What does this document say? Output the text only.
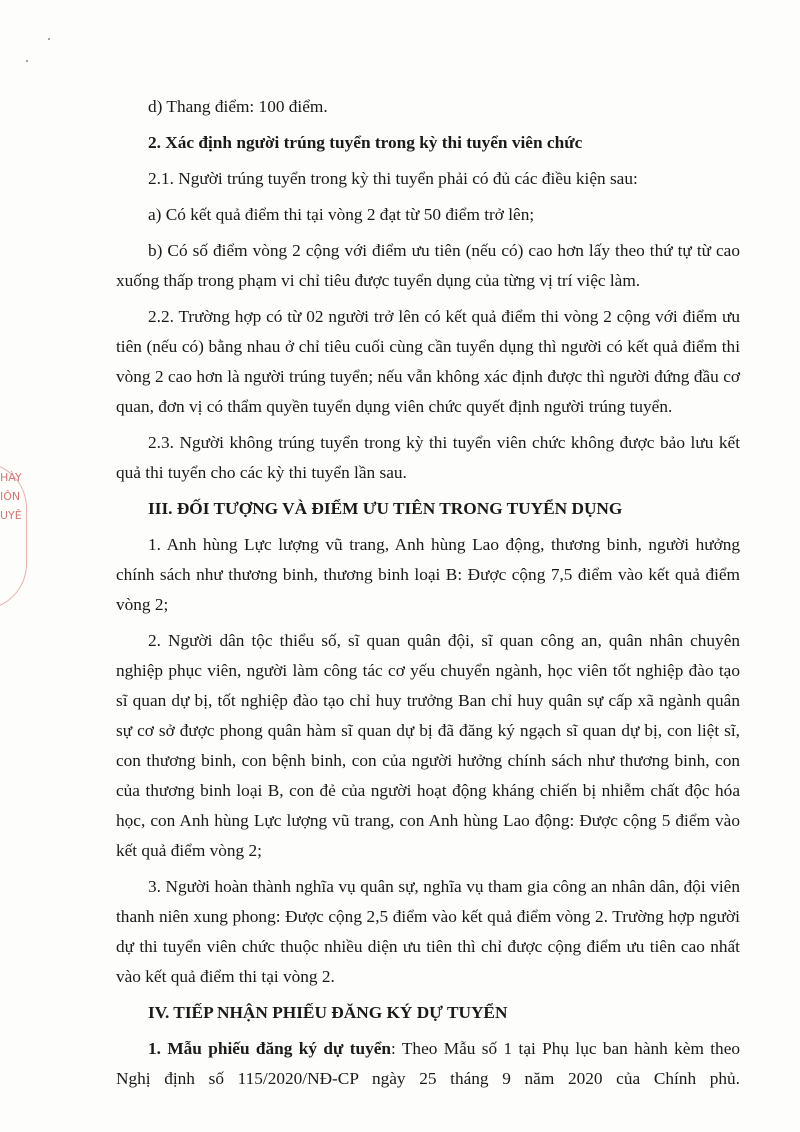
HÀY
IÔN
UYÊ

d) Thang điểm: 100 điểm.

2. Xác định người trúng tuyển trong kỳ thi tuyển viên chức

2.1. Người trúng tuyển trong kỳ thi tuyển phải có đủ các điều kiện sau:

a) Có kết quả điểm thi tại vòng 2 đạt từ 50 điểm trở lên;

b) Có số điểm vòng 2 cộng với điểm ưu tiên (nếu có) cao hơn lấy theo thứ tự từ cao xuống thấp trong phạm vi chỉ tiêu được tuyển dụng của từng vị trí việc làm.

2.2. Trường hợp có từ 02 người trở lên có kết quả điểm thi vòng 2 cộng với điểm ưu tiên (nếu có) bằng nhau ở chỉ tiêu cuối cùng cần tuyển dụng thì người có kết quả điểm thi vòng 2 cao hơn là người trúng tuyển; nếu vẫn không xác định được thì người đứng đầu cơ quan, đơn vị có thẩm quyền tuyển dụng viên chức quyết định người trúng tuyển.

2.3. Người không trúng tuyển trong kỳ thi tuyển viên chức không được bảo lưu kết quả thi tuyển cho các kỳ thi tuyển lần sau.

III. ĐỐI TƯỢNG VÀ ĐIỂM ƯU TIÊN TRONG TUYỂN DỤNG

1. Anh hùng Lực lượng vũ trang, Anh hùng Lao động, thương binh, người hưởng chính sách như thương binh, thương binh loại B: Được cộng 7,5 điểm vào kết quả điểm vòng 2;

2. Người dân tộc thiểu số, sĩ quan quân đội, sĩ quan công an, quân nhân chuyên nghiệp phục viên, người làm công tác cơ yếu chuyển ngành, học viên tốt nghiệp đào tạo sĩ quan dự bị, tốt nghiệp đào tạo chỉ huy trưởng Ban chỉ huy quân sự cấp xã ngành quân sự cơ sở được phong quân hàm sĩ quan dự bị đã đăng ký ngạch sĩ quan dự bị, con liệt sĩ, con thương binh, con bệnh binh, con của người hưởng chính sách như thương binh, con của thương binh loại B, con đẻ của người hoạt động kháng chiến bị nhiễm chất độc hóa học, con Anh hùng Lực lượng vũ trang, con Anh hùng Lao động: Được cộng 5 điểm vào kết quả điểm vòng 2;

3. Người hoàn thành nghĩa vụ quân sự, nghĩa vụ tham gia công an nhân dân, đội viên thanh niên xung phong: Được cộng 2,5 điểm vào kết quả điểm vòng 2. Trường hợp người dự thi tuyển viên chức thuộc nhiều diện ưu tiên thì chỉ được cộng điểm ưu tiên cao nhất vào kết quả điểm thi tại vòng 2.

IV. TIẾP NHẬN PHIẾU ĐĂNG KÝ DỰ TUYỂN

1. Mẫu phiếu đăng ký dự tuyển: Theo Mẫu số 1 tại Phụ lục ban hành kèm theo Nghị định số 115/2020/NĐ-CP ngày 25 tháng 9 năm 2020 của Chính phủ.
